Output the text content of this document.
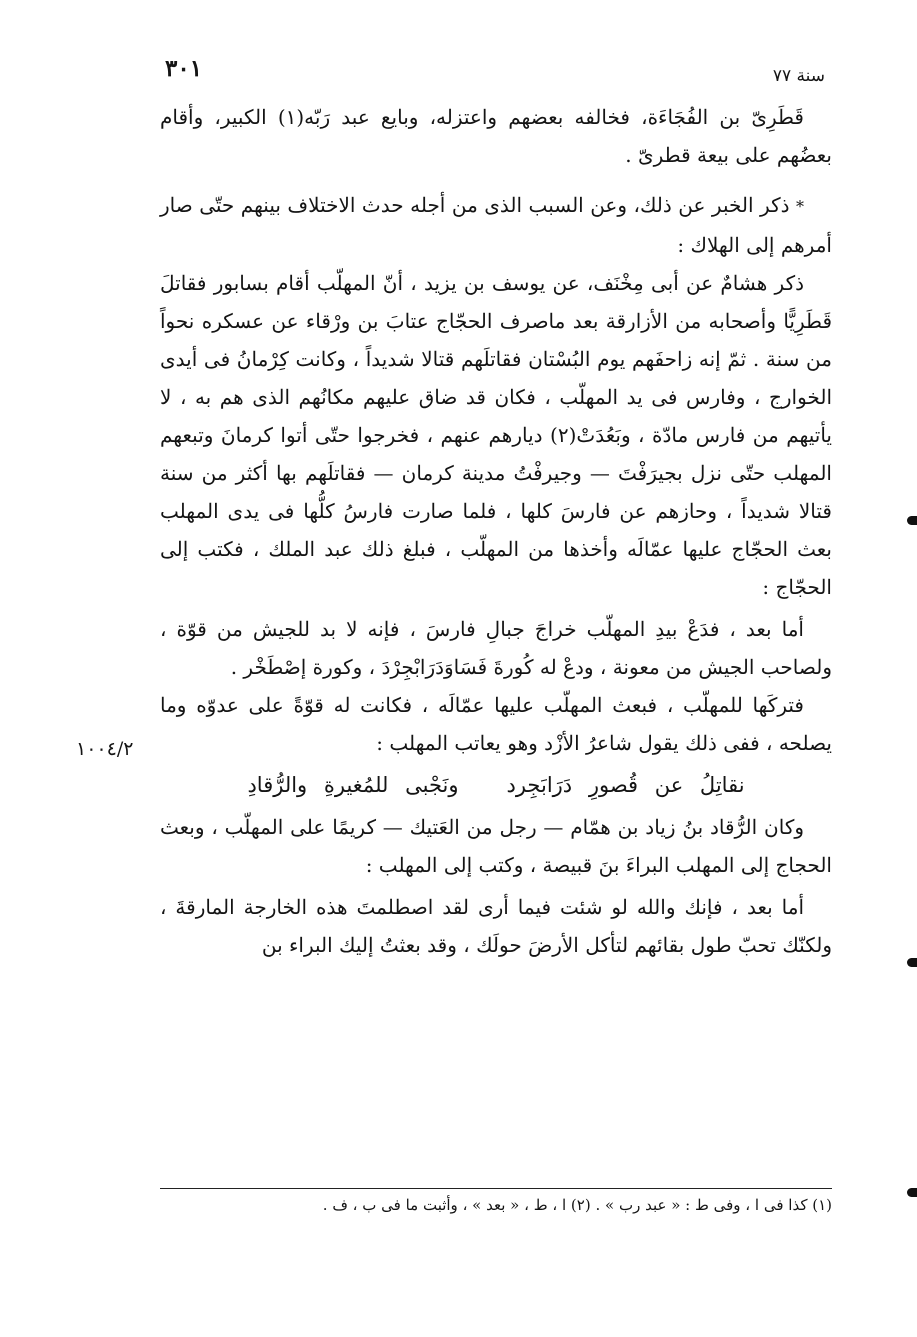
٣٠١	سنة ٧٧

قَطَرِىّ بن الفُجَاءَة، فخالفه بعضهم واعتزله، وبايع عبد رَبّه(١) الكبير، وأقام بعضُهم على بيعة قطرىّ .

* ذكر الخبر عن ذلك، وعن السبب الذى من أجله حدث الاختلاف بينهم حتّى صار أمرهم إلى الهلاك :

ذكر هشامٌ عن أبى مِخْنَف، عن يوسف بن يزيد ، أنّ المهلّب أقام بسابور فقاتلَ قَطَرِيًّا وأصحابه من الأزارقة بعد ماصرف الحجّاج عتابَ بن ورْقاء عن عسكره نحواً من سنة . ثمّ إنه زاحفَهم يوم البُسْتان فقاتلَهم قتالا شديداً ، وكانت كِرْمانُ فى أيدى الخوارج ، وفارس فى يد المهلّب ، فكان قد ضاق عليهم مكانُهم الذى هم به ، لا يأتيهم من فارس مادّة ، وبَعُدَتْ(٢) ديارهم عنهم ، فخرجوا حتّى أتوا كرمانَ وتبعهم المهلب حتّى نزل بجيرَفْتَ — وجيرفْتُ مدينة كرمان — فقاتلَهم بها أكثر من سنة قتالا شديداً ، وحازهم عن فارسَ كلها ، فلما صارت فارسُ كلُّها فى يدى المهلب بعث الحجّاج عليها عمّالَه وأخذها من المهلّب ، فبلغ ذلك عبد الملك ، فكتب إلى الحجّاج :

أما بعد ، فدَعْ بيدِ المهلّب خراجَ جبالِ فارسَ ، فإنه لا بد للجيش من قوّة ، ولصاحب الجيش من معونة ، ودعْ له كُورةَ فَسَاوَدَرَابْجِرْدَ ، وكورة إصْطَخْر .

فتركَها للمهلّب ، فبعث المهلّب عليها عمّالَه ، فكانت له قوّةً على عدوّه وما يصلحه ، ففى ذلك يقول شاعرُ الأزْد وهو يعاتب المهلب :

نقاتِلُ عن قُصورِ دَرَابَجِردونَجْبى للمُغيرةِ والرُّقادِ

وكان الرُّقاد بنُ زياد بن همّام — رجل من العَتيك — كريمًا على المهلّب ، وبعث الحجاج إلى المهلب البراءَ بنَ قبيصة ، وكتب إلى المهلب :

أما بعد ، فإنك والله لو شئت فيما أرى لقد اصطلمتَ هذه الخارجة المارقةَ ، ولكنّك تحبّ طول بقائهم لتأكل الأرضَ حولَك ، وقد بعثتُ إليك البراء بن

١٠٠٤/٢
(١) كذا فى ا ، وفى ط : « عبد رب » . (٢) ا ، ط ، « بعد » ، وأثبت ما فى ب ، ف .
